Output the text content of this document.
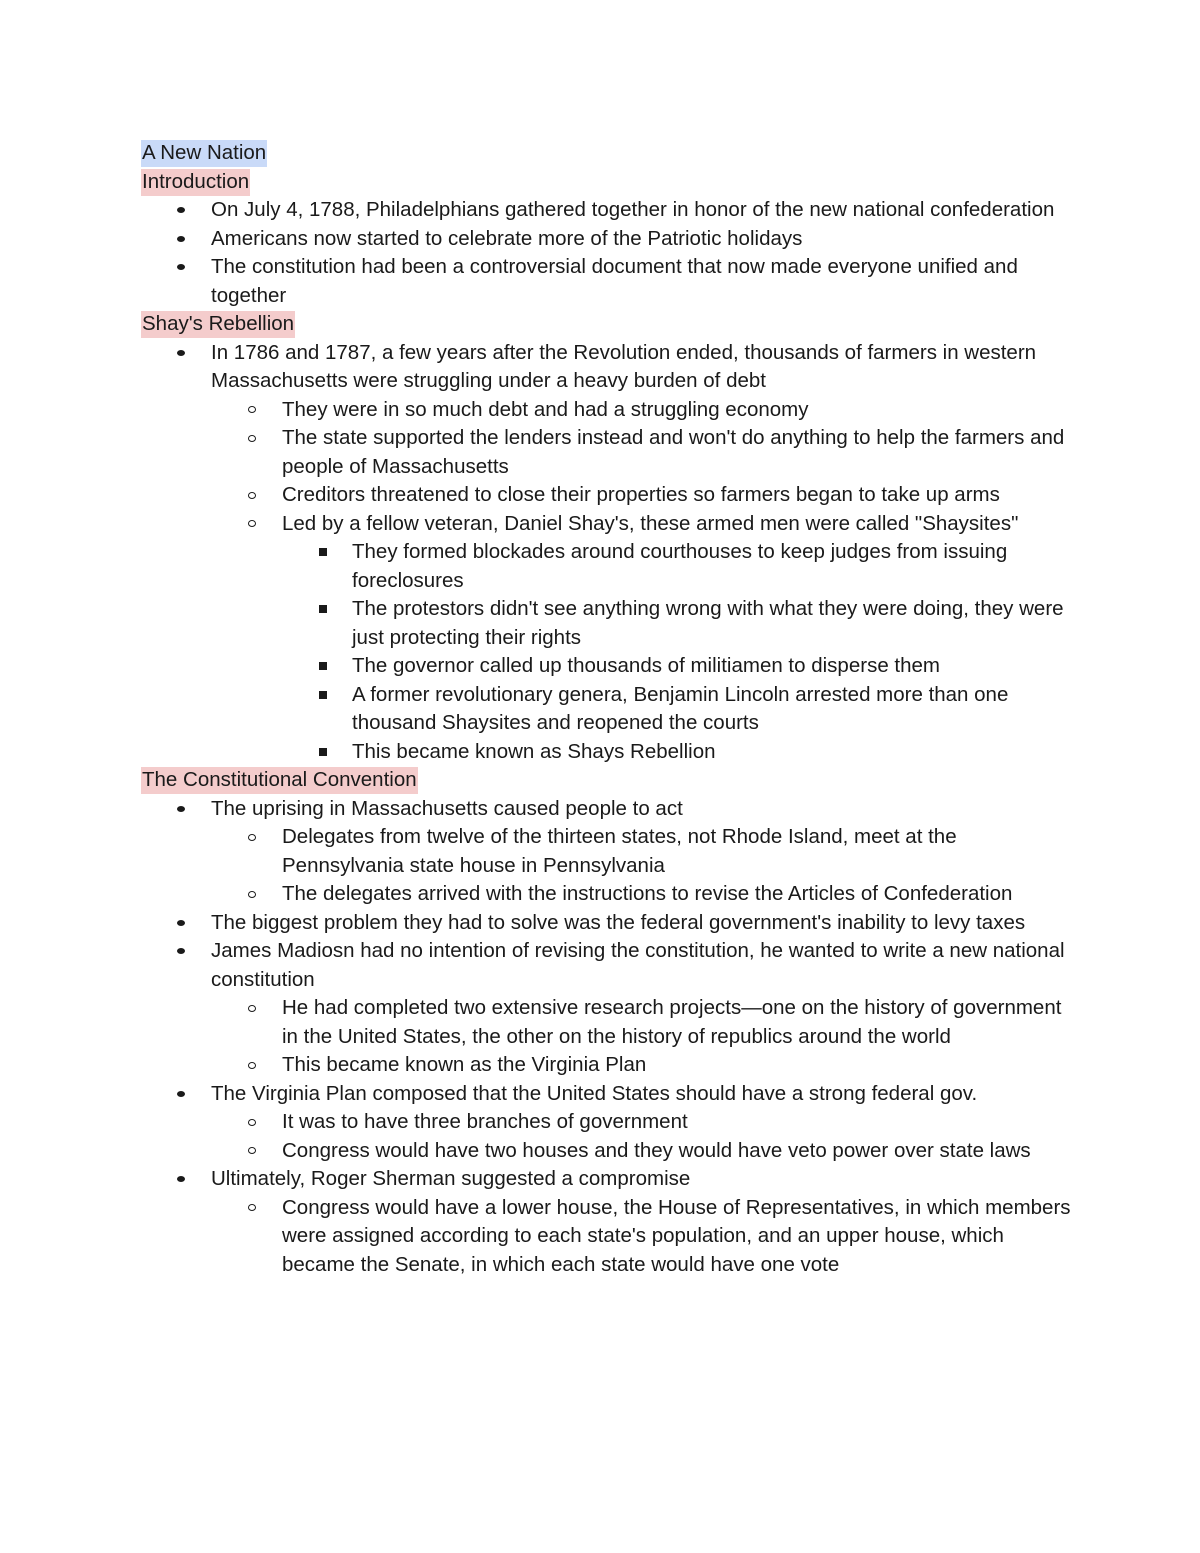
A New Nation
Introduction
On July 4, 1788, Philadelphians gathered together in honor of the new national confederation
Americans now started to celebrate more of the Patriotic holidays
The constitution had been a controversial document that now made everyone unified and together
Shay's Rebellion
In 1786 and 1787, a few years after the Revolution ended, thousands of farmers in western Massachusetts were struggling under a heavy burden of debt
They were in so much debt and had a struggling economy
The state supported the lenders instead and won't do anything to help the farmers and people of Massachusetts
Creditors threatened to close their properties so farmers began to take up arms
Led by a fellow veteran, Daniel Shay's, these armed men were called "Shaysites"
They formed blockades around courthouses to keep judges from issuing foreclosures
The protestors didn't see anything wrong with what they were doing, they were just protecting their rights
The governor called up thousands of militiamen to disperse them
A former revolutionary genera, Benjamin Lincoln arrested more than one thousand Shaysites and reopened the courts
This became known as Shays Rebellion
The Constitutional Convention
The uprising in Massachusetts caused people to act
Delegates from twelve of the thirteen states, not Rhode Island, meet at the Pennsylvania state house in Pennsylvania
The delegates arrived with the instructions to revise the Articles of Confederation
The biggest problem they had to solve was the federal government's inability to levy taxes
James Madiosn had no intention of revising the constitution, he wanted to write a new national constitution
He had completed two extensive research projects—one on the history of government in the United States, the other on the history of republics around the world
This became known as the Virginia Plan
The Virginia Plan composed that the United States should have a strong federal gov.
It was to have three branches of government
Congress would have two houses and they would have veto power over state laws
Ultimately, Roger Sherman suggested a compromise
Congress would have a lower house, the House of Representatives, in which members were assigned according to each state's population, and an upper house, which became the Senate, in which each state would have one vote
